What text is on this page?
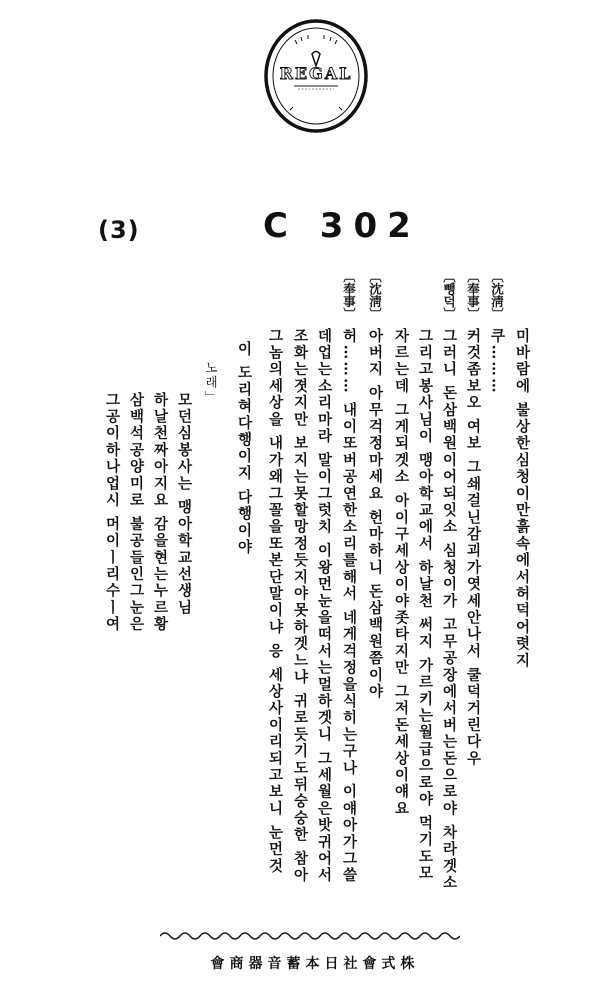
REGAL
(3)	C 302
미바람에 불상한심청이만흙속에서허덕어렷지
〔沈淸〕
쿠………
〔奉事〕
커것좀보오 여보 그쇄걸닌감괴가엿세안나서 쿨덕거린다우
〔뺑덕〕
그러니 돈삼백원이어되잇소 심청이가 고무공장에서버는돈으로야 차라겟소
그리고봉사님이 맹아학교에서 하날천 써지 가르키는월급으로야 먹기도모
자르는데 그게되겟소 아이구세상이야좃타지만 그저돈세상이얘요
〔沈淸〕
아버지 아무걱정마세요 헌마하니 돈삼백원쯤이야
〔奉事〕
허……… 내이또버공연한소리를해서 네게걱정을식히는구나 이얘아가그쓸
데업는소리마라 말이그럿치 이왕먼눈을떠서는멀하겟니 그세월은밧귀어서
조화는졋지만 보지는못할망정듯지야못하겟느냐 귀로듯기도뒤숭숭한 참아
그놈의세상을 내가왜그꼴을또본단말이냐 응 세상사이리되고보니 눈먼것
이 도리혀다행이지 다행이야
노래」
모던심봉사는 맹아학교선생님
하날천짜아지요 감을현는누르황
삼백석공양미로 불공들인그눈은
그공이하나업시 머이ㅣ리수ㅣ여
株式會社日本蓄音器商會
